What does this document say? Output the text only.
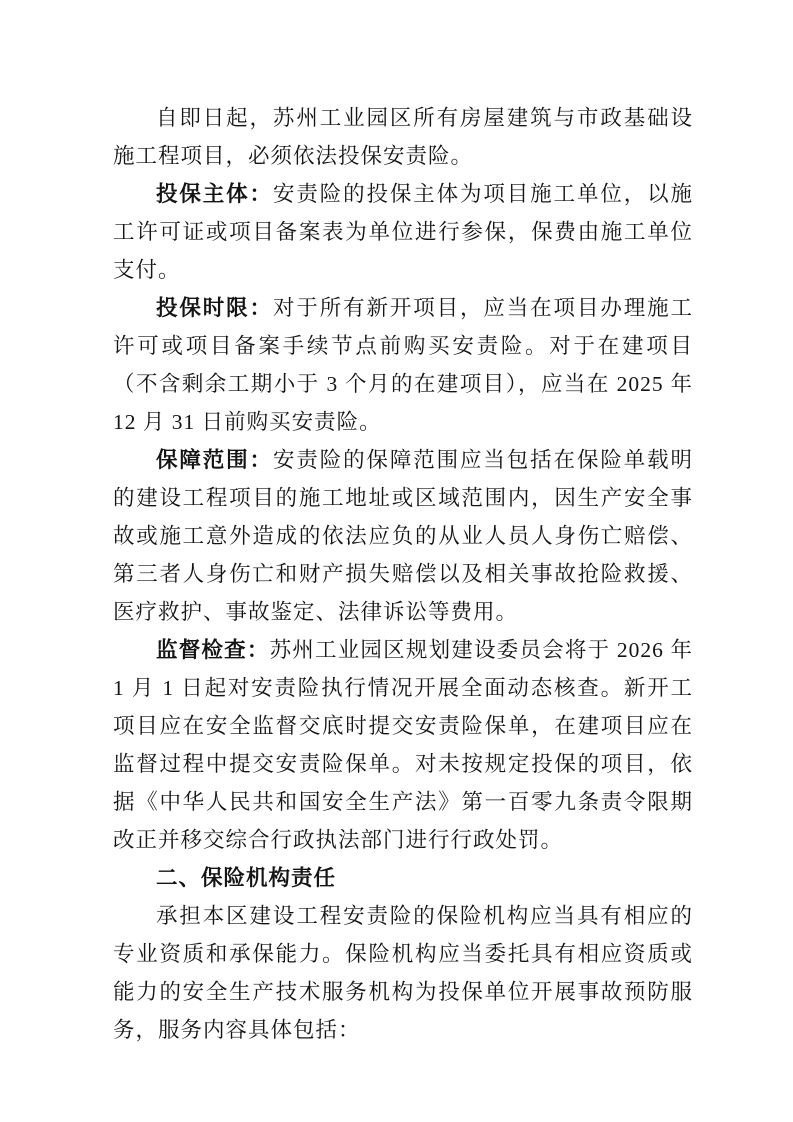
自即日起，苏州工业园区所有房屋建筑与市政基础设施工程项目，必须依法投保安责险。

投保主体：安责险的投保主体为项目施工单位，以施工许可证或项目备案表为单位进行参保，保费由施工单位支付。

投保时限：对于所有新开项目，应当在项目办理施工许可或项目备案手续节点前购买安责险。对于在建项目（不含剩余工期小于 3 个月的在建项目），应当在 2025 年 12 月 31 日前购买安责险。

保障范围：安责险的保障范围应当包括在保险单载明的建设工程项目的施工地址或区域范围内，因生产安全事故或施工意外造成的依法应负的从业人员人身伤亡赔偿、第三者人身伤亡和财产损失赔偿以及相关事故抢险救援、医疗救护、事故鉴定、法律诉讼等费用。

监督检查：苏州工业园区规划建设委员会将于 2026 年 1 月 1 日起对安责险执行情况开展全面动态核查。新开工项目应在安全监督交底时提交安责险保单，在建项目应在监督过程中提交安责险保单。对未按规定投保的项目，依据《中华人民共和国安全生产法》第一百零九条责令限期改正并移交综合行政执法部门进行行政处罚。

二、保险机构责任

承担本区建设工程安责险的保险机构应当具有相应的专业资质和承保能力。保险机构应当委托具有相应资质或能力的安全生产技术服务机构为投保单位开展事故预防服务，服务内容具体包括：
